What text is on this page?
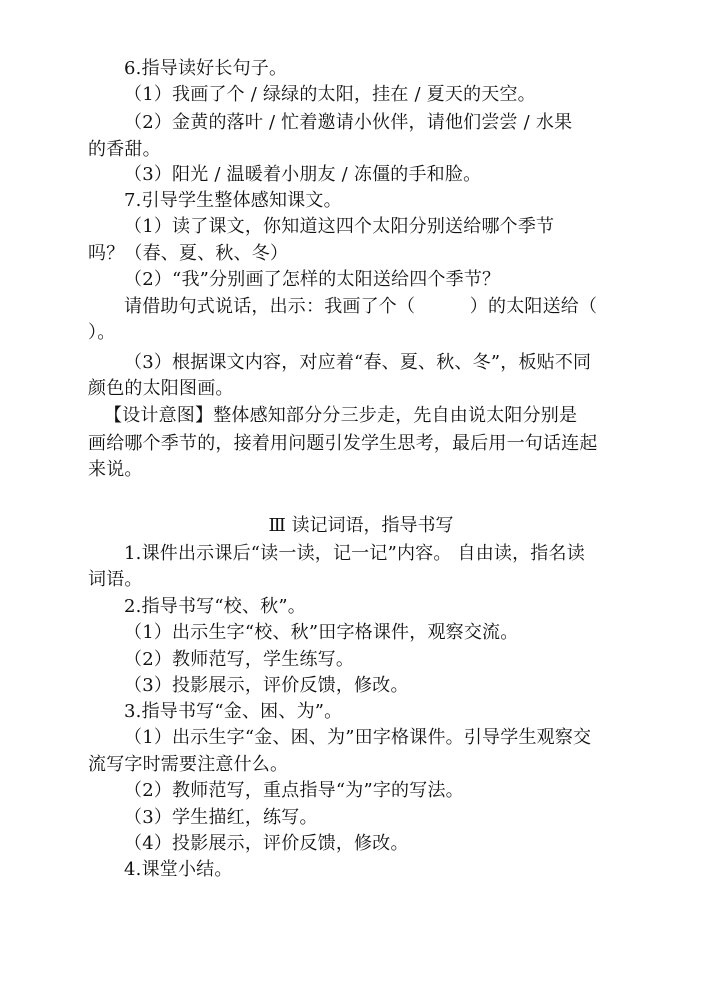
6.指导读好长句子。
（1）我画了个 / 绿绿的太阳，挂在 / 夏天的天空。
（2）金黄的落叶 / 忙着邀请小伙伴，请他们尝尝 / 水果
的香甜。
（3）阳光 / 温暖着小朋友 / 冻僵的手和脸。
7.引导学生整体感知课文。
（1）读了课文，你知道这四个太阳分别送给哪个季节
吗？（春、夏、秋、冬）
（2）“我”分别画了怎样的太阳送给四个季节？
请借助句式说话，出示：我画了个（　　　）的太阳送给（
）。
（3）根据课文内容，对应着“春、夏、秋、冬”，板贴不同
颜色的太阳图画。
【设计意图】整体感知部分分三步走，先自由说太阳分别是
画给哪个季节的，接着用问题引发学生思考，最后用一句话连起
来说。
Ⅲ 读记词语，指导书写
1.课件出示课后“读一读，记一记”内容。 自由读，指名读
词语。
2.指导书写“校、秋”。
（1）出示生字“校、秋”田字格课件，观察交流。
（2）教师范写，学生练写。
（3）投影展示，评价反馈，修改。
3.指导书写“金、困、为”。
（1）出示生字“金、困、为”田字格课件。引导学生观察交
流写字时需要注意什么。
（2）教师范写，重点指导“为”字的写法。
（3）学生描红，练写。
（4）投影展示，评价反馈，修改。
4.课堂小结。
